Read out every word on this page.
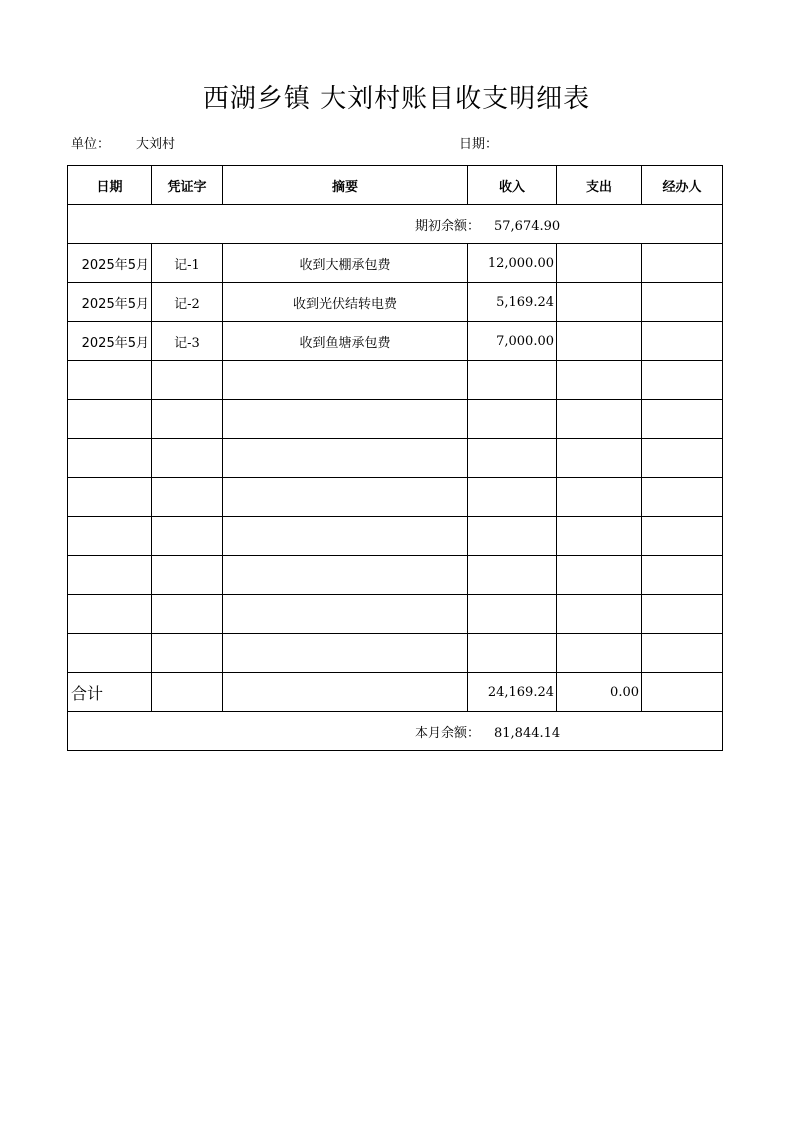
西湖乡镇 大刘村账目收支明细表
单位： 大刘村	日期：
日期	凭证字	摘要	收入	支出	经办人
期初余额： 57,674.90					
2025年5月	记-1	收到大棚承包费	12,000.00		
2025年5月	记-2	收到光伏结转电费	5,169.24		
2025年5月	记-3	收到鱼塘承包费	7,000.00		

合计			24,169.24	0.00	
本月余额： 81,844.14					
